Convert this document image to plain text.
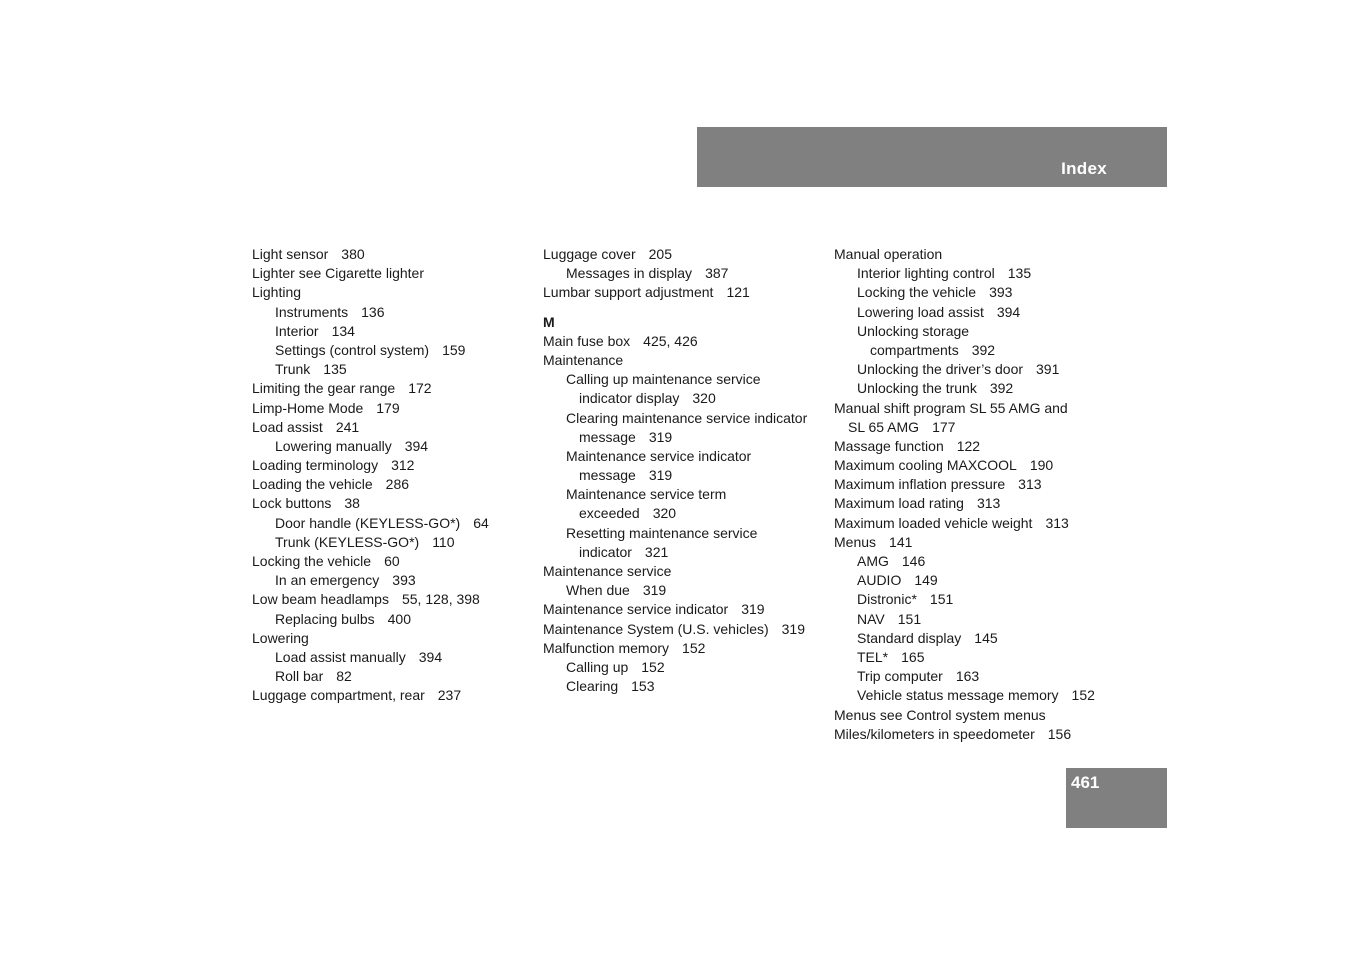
Index
Light sensor 380
Lighter see Cigarette lighter
Lighting
Instruments 136
Interior 134
Settings (control system) 159
Trunk 135
Limiting the gear range 172
Limp-Home Mode 179
Load assist 241
Lowering manually 394
Loading terminology 312
Loading the vehicle 286
Lock buttons 38
Door handle (KEYLESS-GO*) 64
Trunk (KEYLESS-GO*) 110
Locking the vehicle 60
In an emergency 393
Low beam headlamps 55, 128, 398
Replacing bulbs 400
Lowering
Load assist manually 394
Roll bar 82
Luggage compartment, rear 237
Luggage cover 205
Messages in display 387
Lumbar support adjustment 121
M
Main fuse box 425, 426
Maintenance
Calling up maintenance service
indicator display 320
Clearing maintenance service indicator
message 319
Maintenance service indicator
message 319
Maintenance service term
exceeded 320
Resetting maintenance service
indicator 321
Maintenance service
When due 319
Maintenance service indicator 319
Maintenance System (U.S. vehicles) 319
Malfunction memory 152
Calling up 152
Clearing 153
Manual operation
Interior lighting control 135
Locking the vehicle 393
Lowering load assist 394
Unlocking storage
compartments 392
Unlocking the driver’s door 391
Unlocking the trunk 392
Manual shift program SL 55 AMG and
SL 65 AMG 177
Massage function 122
Maximum cooling MAXCOOL 190
Maximum inflation pressure 313
Maximum load rating 313
Maximum loaded vehicle weight 313
Menus 141
AMG 146
AUDIO 149
Distronic* 151
NAV 151
Standard display 145
TEL* 165
Trip computer 163
Vehicle status message memory 152
Menus see Control system menus
Miles/kilometers in speedometer 156
461
